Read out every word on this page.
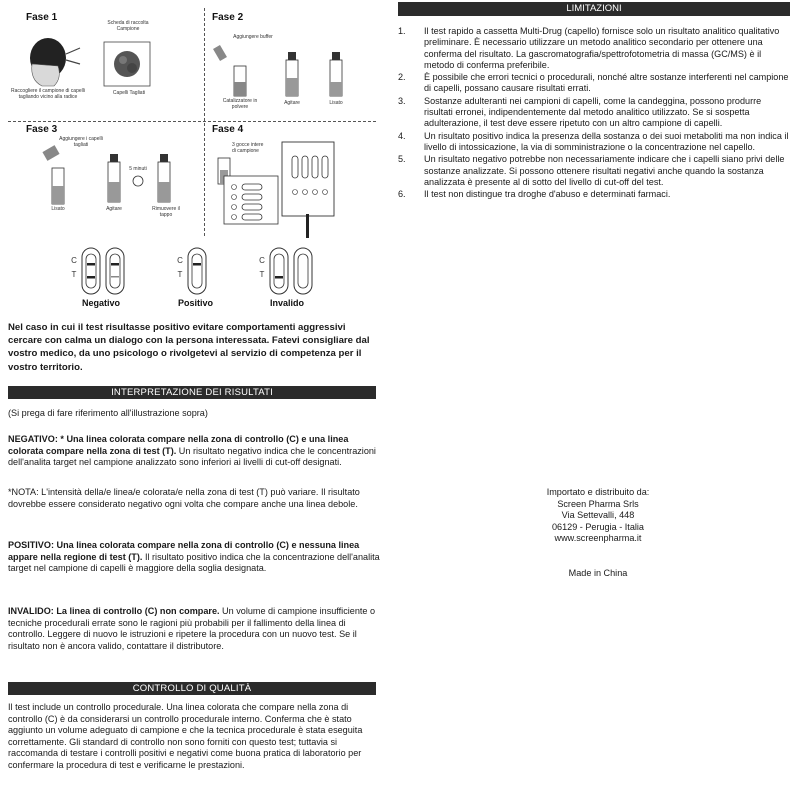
Fase 1	Fase 2
Fase 3	Fase 4
Scheda di raccolta
Campione
Raccogliere il campione di capelli tagliando vicino alla radice
Capelli Tagliati
Aggiungere buffer
Catalizzatore in polvere
Agitare	Lisato
Aggiungere i capelli tagliati
5 minuti
Lisato	Agitare	Rimuovere il tappo
3 gocce intere di campione
C
T
C
T
C
T
Negativo	Positivo	Invalido
Nel caso in cui il test risultasse positivo evitare comportamenti aggressivi cercare con calma un dialogo con la persona interessata. Fatevi consigliare dal vostro medico, da uno psicologo o rivolgetevi al servizio di competenza per il vostro territorio.
INTERPRETAZIONE DEI RISULTATI
(Si prega di fare riferimento all'illustrazione sopra)
NEGATIVO: * Una linea colorata compare nella zona di controllo (C) e una linea colorata compare nella zona di test (T). Un risultato negativo indica che le concentrazioni dell'analita target nel campione analizzato sono inferiori ai livelli di cut-off designati.
*NOTA: L'intensità della/e linea/e colorata/e nella zona di test (T) può variare. Il risultato dovrebbe essere considerato negativo ogni volta che compare anche una linea debole.
POSITIVO: Una linea colorata compare nella zona di controllo (C) e nessuna linea appare nella regione di test (T). Il risultato positivo indica che la concentrazione dell'analita target nel campione di capelli è maggiore della soglia designata.
INVALIDO: La linea di controllo (C) non compare. Un volume di campione insufficiente o tecniche procedurali errate sono le ragioni più probabili per il fallimento della linea di controllo. Leggere di nuovo le istruzioni e ripetere la procedura con un nuovo test. Se il risultato non è ancora valido, contattare il distributore.
CONTROLLO DI QUALITÀ
Il test include un controllo procedurale. Una linea colorata che compare nella zona di controllo (C) è da considerarsi un controllo procedurale interno. Conferma che è stato aggiunto un volume adeguato di campione e che la tecnica procedurale è stata eseguita correttamente. Gli standard di controllo non sono forniti con questo test; tuttavia si raccomanda di testare i controlli positivi e negativi come buona pratica di laboratorio per confermare la procedura di test e verificarne le prestazioni.
LIMITAZIONI
1. Il test rapido a cassetta Multi-Drug (capello) fornisce solo un risultato analitico qualitativo preliminare. È necessario utilizzare un metodo analitico secondario per ottenere una conferma del risultato. La gascromatografia/spettrofotometria di massa (GC/MS) è il metodo di conferma preferibile.
2. È possibile che errori tecnici o procedurali, nonché altre sostanze interferenti nel campione di capelli, possano causare risultati errati.
3. Sostanze adulteranti nei campioni di capelli, come la candeggina, possono produrre risultati erronei, indipendentemente dal metodo analitico utilizzato. Se si sospetta adulterazione, il test deve essere ripetuto con un altro campione di capelli.
4. Un risultato positivo indica la presenza della sostanza o dei suoi metaboliti ma non indica il livello di intossicazione, la via di somministrazione o la concentrazione nel capello.
5. Un risultato negativo potrebbe non necessariamente indicare che i capelli siano privi delle sostanze analizzate. Si possono ottenere risultati negativi anche quando la sostanza analizzata è presente al di sotto del livello di cut-off del test.
6. Il test non distingue tra droghe d'abuso e determinati farmaci.
Importato e distribuito da:
Screen Pharma Srls
Via Settevalli, 448
06129 - Perugia - Italia
www.screenpharma.it
Made in China
